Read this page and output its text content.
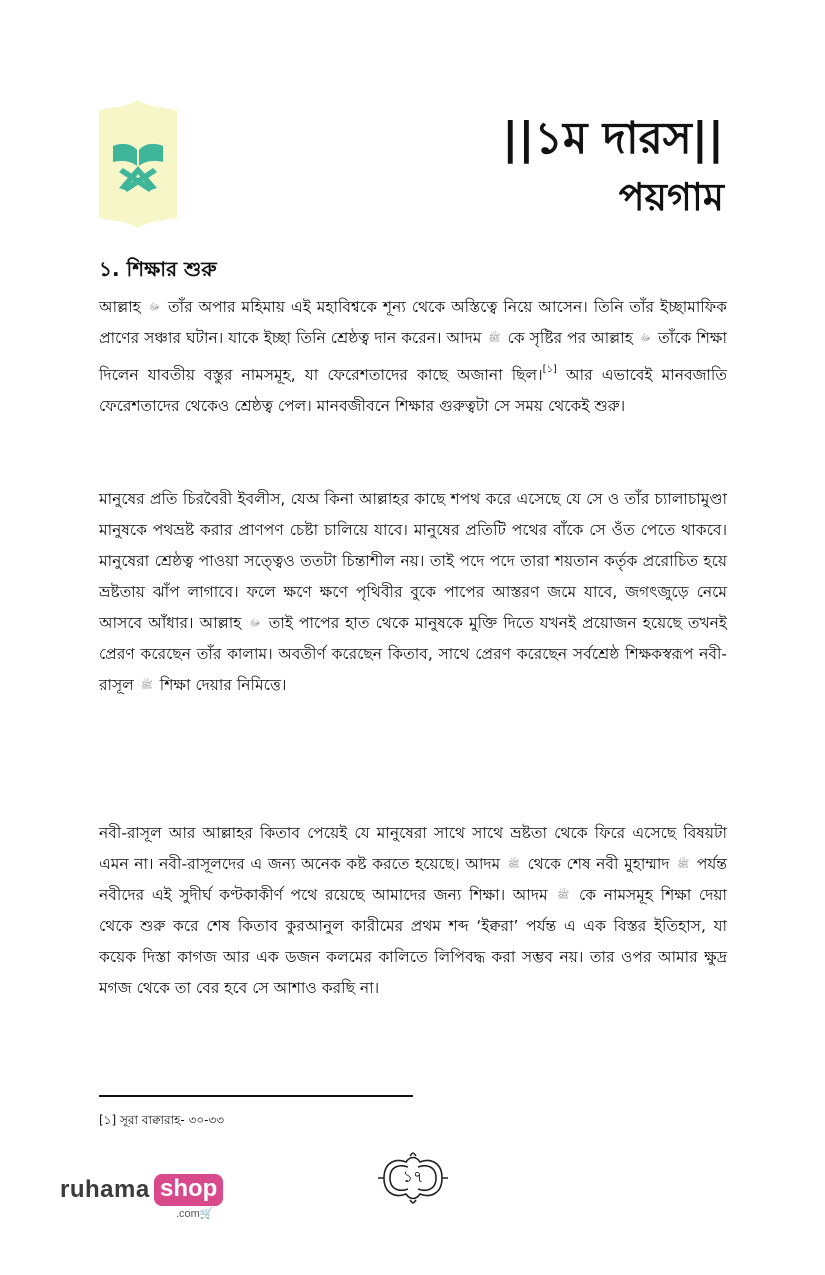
||১ম দারস||
পয়গাম
১. শিক্ষার শুরু

আল্লাহ ﷻ তাঁর অপার মহিমায় এই মহাবিশ্বকে শূন্য থেকে অস্তিত্বে নিয়ে আসেন। তিনি তাঁর ইচ্ছামাফিক প্রাণের সঞ্চার ঘটান। যাকে ইচ্ছা তিনি শ্রেষ্ঠত্ব দান করেন। আদম ﷺ কে সৃষ্টির পর আল্লাহ ﷻ তাঁকে শিক্ষা দিলেন যাবতীয় বস্তুর নামসমূহ, যা ফেরেশতাদের কাছে অজানা ছিল।[১] আর এভাবেই মানবজাতি ফেরেশতাদের থেকেও শ্রেষ্ঠত্ব পেল। মানবজীবনে শিক্ষার গুরুত্বটা সে সময় থেকেই শুরু।

মানুষের প্রতি চিরবৈরী ইবলীস, যেঅ কিনা আল্লাহর কাছে শপথ করে এসেছে যে সে ও তাঁর চ্যালাচামুণ্ডা মানুষকে পথভ্রষ্ট করার প্রাণপণ চেষ্টা চালিয়ে যাবে। মানুষের প্রতিটি পথের বাঁকে সে ওঁত পেতে থাকবে। মানুষেরা শ্রেষ্ঠত্ব পাওয়া সত্ত্বেও ততটা চিন্তাশীল নয়। তাই পদে পদে তারা শয়তান কর্তৃক প্ররোচিত হয়ে ভ্রষ্টতায় ঝাঁপ লাগাবে। ফলে ক্ষণে ক্ষণে পৃথিবীর বুকে পাপের আস্তরণ জমে যাবে, জগৎজুড়ে নেমে আসবে আঁধার। আল্লাহ ﷻ তাই পাপের হাত থেকে মানুষকে মুক্তি দিতে যখনই প্রয়োজন হয়েছে তখনই প্রেরণ করেছেন তাঁর কালাম। অবতীর্ণ করেছেন কিতাব, সাথে প্রেরণ করেছেন সর্বশ্রেষ্ঠ শিক্ষকস্বরূপ নবী-রাসূল ﷺ শিক্ষা দেয়ার নিমিত্তে।

নবী-রাসূল আর আল্লাহর কিতাব পেয়েই যে মানুষেরা সাথে সাথে ভ্রষ্টতা থেকে ফিরে এসেছে বিষয়টা এমন না। নবী-রাসূলদের এ জন্য অনেক কষ্ট করতে হয়েছে। আদম ﷺ থেকে শেষ নবী মুহাম্মাদ ﷺ পর্যন্ত নবীদের এই সুদীর্ঘ কণ্টকাকীর্ণ পথে রয়েছে আমাদের জন্য শিক্ষা। আদম ﷺ কে নামসমূহ শিক্ষা দেয়া থেকে শুরু করে শেষ কিতাব কুরআনুল কারীমের প্রথম শব্দ ‘ইক্বরা’ পর্যন্ত এ এক বিস্তর ইতিহাস, যা কয়েক দিস্তা কাগজ আর এক ডজন কলমের কালিতে লিপিবদ্ধ করা সম্ভব নয়। তার ওপর আমার ক্ষুদ্র মগজ থেকে তা বের হবে সে আশাও করছি না।

[১] সূরা বাক্বারাহ- ৩০-৩৩
১৭
ruhama shop
.com🛒
